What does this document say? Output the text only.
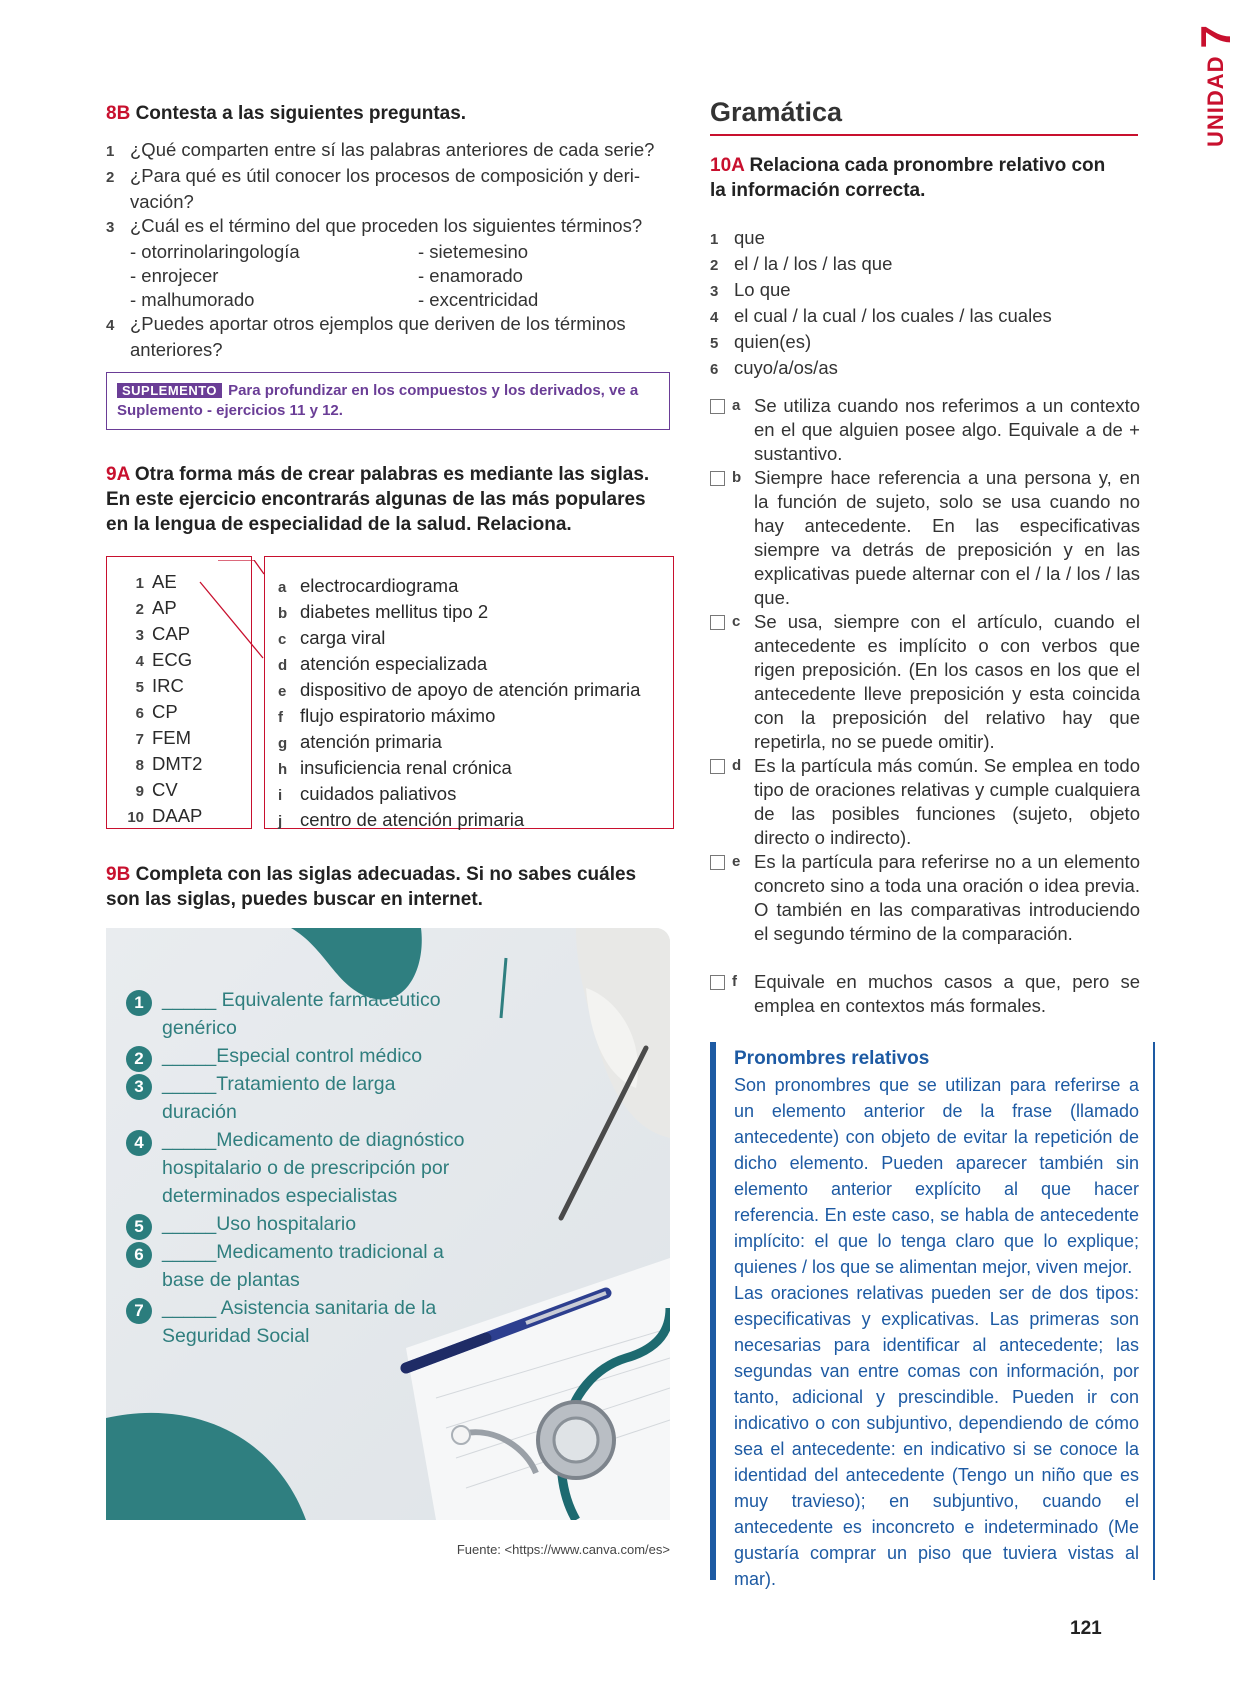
UNIDAD 7
8B Contesta a las siguientes preguntas.
1 ¿Qué comparten entre sí las palabras anteriores de cada serie?
2 ¿Para qué es útil conocer los procesos de composición y deri-
vación?
3 ¿Cuál es el término del que proceden los siguientes términos?
- otorrinolaringología	- sietemesino
- enrojecer	- enamorado
- malhumorado	- excentricidad
4 ¿Puedes aportar otros ejemplos que deriven de los términos
anteriores?
SUPLEMENTO Para profundizar en los compuestos y los derivados, ve a
Suplemento - ejercicios 11 y 12.
9A Otra forma más de crear palabras es mediante las siglas.
En este ejercicio encontrarás algunas de las más populares
en la lengua de especialidad de la salud. Relaciona.
1 AE
2 AP
3 CAP
4 ECG
5 IRC
6 CP
7 FEM
8 DMT2
9 CV
10 DAAP
a electrocardiograma
b diabetes mellitus tipo 2
c carga viral
d atención especializada
e dispositivo de apoyo de atención primaria
f flujo espiratorio máximo
g atención primaria
h insuficiencia renal crónica
i cuidados paliativos
j centro de atención primaria
9B Completa con las siglas adecuadas. Si no sabes cuáles
son las siglas, puedes buscar en internet.
1 _____ Equivalente farmacéutico
genérico
2 _____Especial control médico
3 _____Tratamiento de larga
duración
4 _____Medicamento de diagnóstico
hospitalario o de prescripción por
determinados especialistas
5 _____Uso hospitalario
6 _____Medicamento tradicional a
base de plantas
7 _____ Asistencia sanitaria de la
Seguridad Social
Fuente: <https://www.canva.com/es>
Gramática
10A Relaciona cada pronombre relativo con
la información correcta.
1 que
2 el / la / los / las que
3 Lo que
4 el cual / la cual / los cuales / las cuales
5 quien(es)
6 cuyo/a/os/as
a Se utiliza cuando nos referimos a un contexto en el que alguien posee algo. Equivale a de + sustantivo.
b Siempre hace referencia a una persona y, en la función de sujeto, solo se usa cuando no hay antecedente. En las especificativas siempre va detrás de preposición y en las explicativas puede alternar con el / la / los / las que.
c Se usa, siempre con el artículo, cuando el antecedente es implícito o con verbos que rigen preposición. (En los casos en los que el antecedente lleve preposición y esta coincida con la preposición del relativo hay que repetirla, no se puede omitir).
d Es la partícula más común. Se emplea en todo tipo de oraciones relativas y cumple cualquiera de las posibles funciones (sujeto, objeto directo o indirecto).
e Es la partícula para referirse no a un elemento concreto sino a toda una oración o idea previa. O también en las comparativas introduciendo el segundo término de la comparación.
f Equivale en muchos casos a que, pero se emplea en contextos más formales.
Pronombres relativos
Son pronombres que se utilizan para referirse a un elemento anterior de la frase (llamado antecedente) con objeto de evitar la repetición de dicho elemento. Pueden aparecer también sin elemento anterior explícito al que hacer referencia. En este caso, se habla de antecedente implícito: el que lo tenga claro que lo explique; quienes / los que se alimentan mejor, viven mejor.
Las oraciones relativas pueden ser de dos tipos: especificativas y explicativas. Las primeras son necesarias para identificar al antecedente; las segundas van entre comas con información, por tanto, adicional y prescindible. Pueden ir con indicativo o con subjuntivo, dependiendo de cómo sea el antecedente: en indicativo si se conoce la identidad del antecedente (Tengo un niño que es muy travieso); en subjuntivo, cuando el antecedente es inconcreto e indeterminado (Me gustaría comprar un piso que tuviera vistas al mar).
121
